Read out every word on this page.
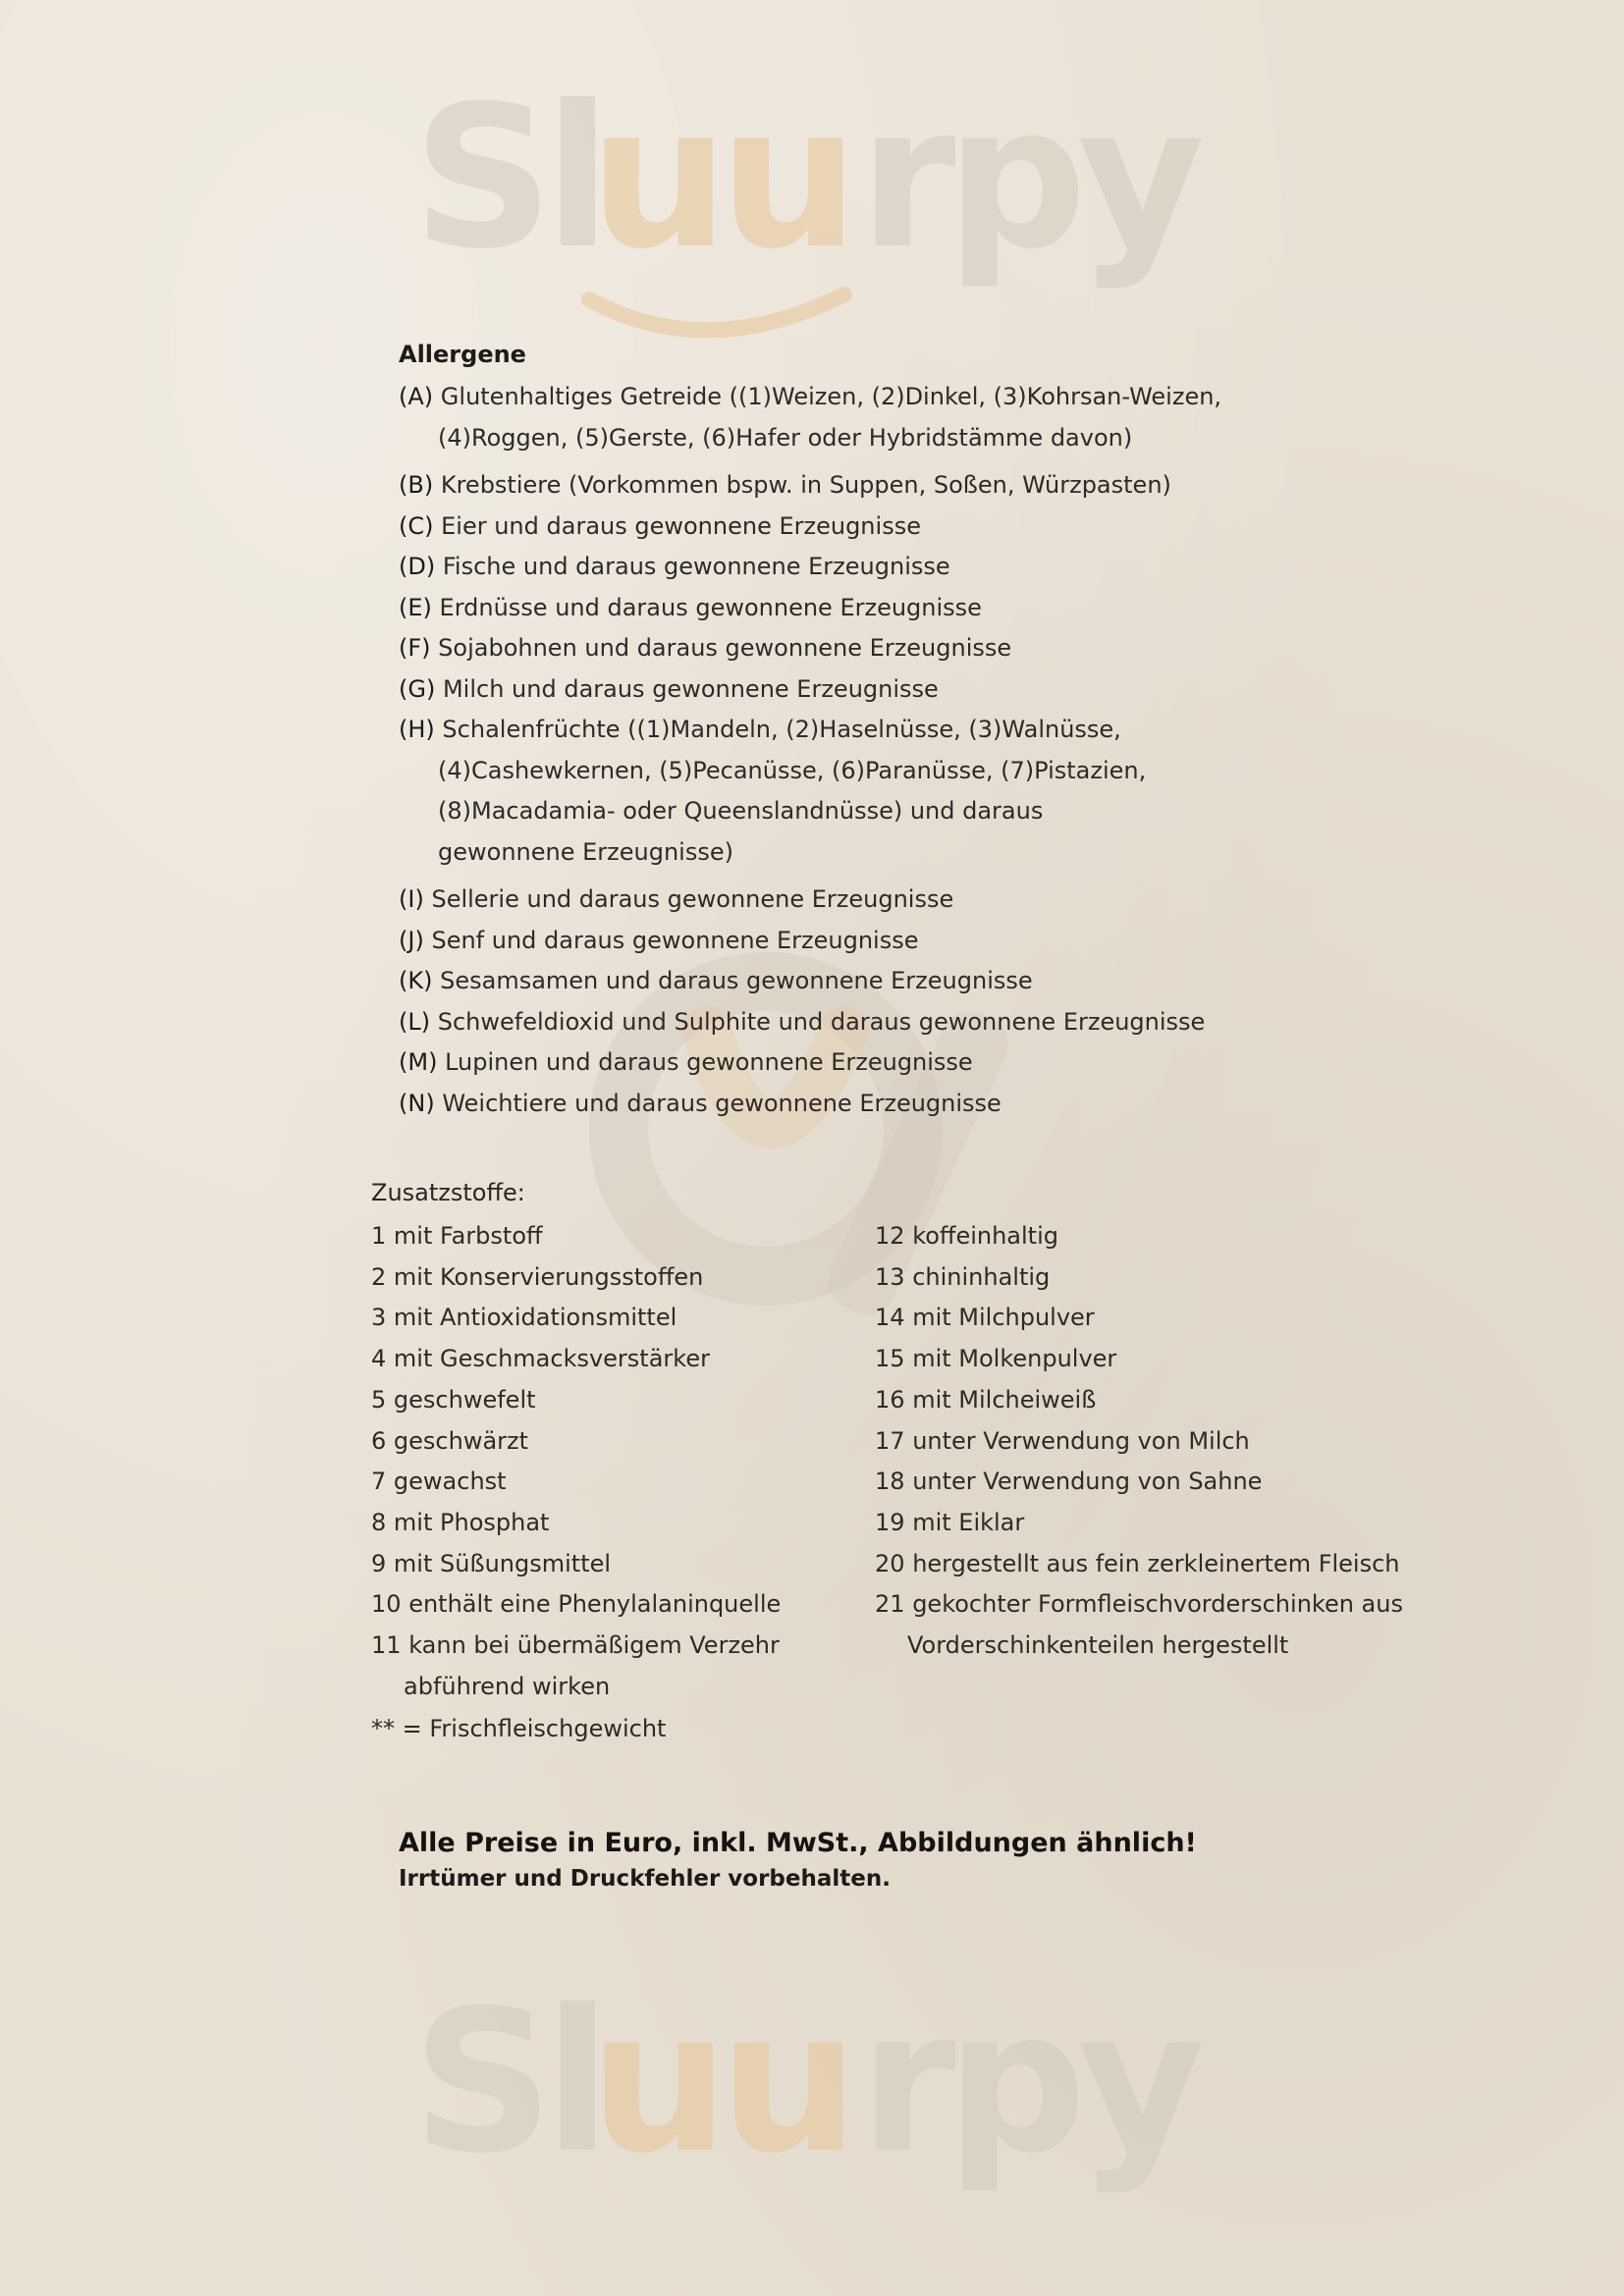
Sl
uu rpy
Sl
uu rpy
Allergene
(A) Glutenhaltiges Getreide ((1)Weizen, (2)Dinkel, (3)Kohrsan-Weizen,
(4)Roggen, (5)Gerste, (6)Hafer oder Hybridstämme davon)
(B) Krebstiere (Vorkommen bspw. in Suppen, Soßen, Würzpasten)
(C) Eier und daraus gewonnene Erzeugnisse
(D) Fische und daraus gewonnene Erzeugnisse
(E) Erdnüsse und daraus gewonnene Erzeugnisse
(F) Sojabohnen und daraus gewonnene Erzeugnisse
(G) Milch und daraus gewonnene Erzeugnisse
(H) Schalenfrüchte ((1)Mandeln, (2)Haselnüsse, (3)Walnüsse,
(4)Cashewkernen, (5)Pecanüsse, (6)Paranüsse, (7)Pistazien,
(8)Macadamia- oder Queenslandnüsse) und daraus
gewonnene Erzeugnisse)
(I) Sellerie und daraus gewonnene Erzeugnisse
(J) Senf und daraus gewonnene Erzeugnisse
(K) Sesamsamen und daraus gewonnene Erzeugnisse
(L) Schwefeldioxid und Sulphite und daraus gewonnene Erzeugnisse
(M) Lupinen und daraus gewonnene Erzeugnisse
(N) Weichtiere und daraus gewonnene Erzeugnisse
Zusatzstoffe:
1 mit Farbstoff
2 mit Konservierungsstoffen
3 mit Antioxidationsmittel
4 mit Geschmacksverstärker
5 geschwefelt
6 geschwärzt
7 gewachst
8 mit Phosphat
9 mit Süßungsmittel
10 enthält eine Phenylalaninquelle
11 kann bei übermäßigem Verzehr
abführend wirken
12 koffeinhaltig
13 chininhaltig
14 mit Milchpulver
15 mit Molkenpulver
16 mit Milcheiweiß
17 unter Verwendung von Milch
18 unter Verwendung von Sahne
19 mit Eiklar
20 hergestellt aus fein zerkleinertem Fleisch
21 gekochter Formfleischvorderschinken aus
Vorderschinkenteilen hergestellt
** = Frischfleischgewicht
Alle Preise in Euro, inkl. MwSt., Abbildungen ähnlich!
Irrtümer und Druckfehler vorbehalten.
